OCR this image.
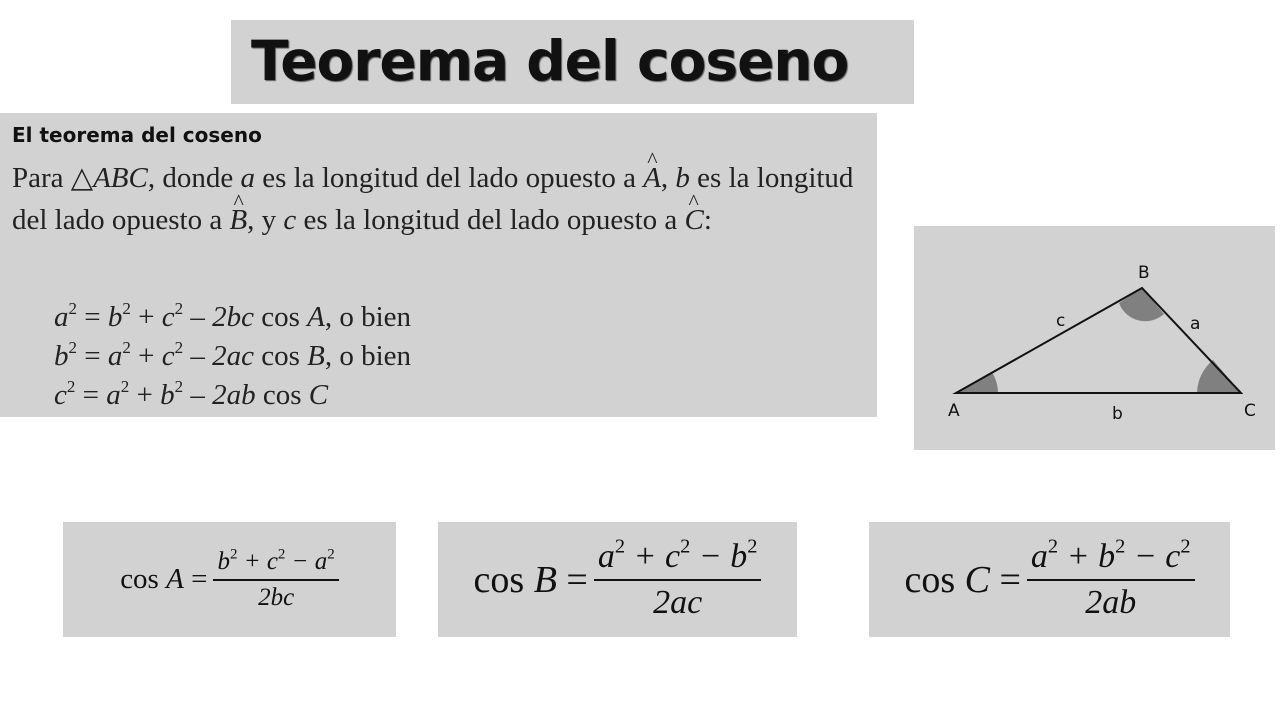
Teorema del coseno
El teorema del coseno

Para △ABC, donde a es la longitud del lado opuesto a ^ A, b es la longitud del lado opuesto a ^ B, y c es la longitud del lado opuesto a ^ C:

$a^2 = b^2 + c^2 - 2bc$ cos A, o bien

$b^2 = a^2 + c^2 - 2ac$ cos B, o bien

$c^2 = a^2 + b^2 - 2ab$ cos C	A
B
C
a
b
c
$\cos A = \frac{b^2 + c^2 - a^2}{2bc}$	$\cos B = \frac{a^2 + c^2 - b^2}{2ac}$	$\cos C = \frac{a^2 + b^2 - c^2}{2ab}$
